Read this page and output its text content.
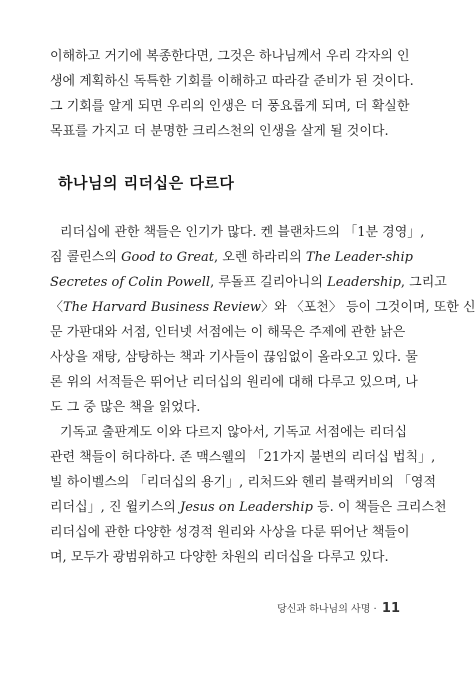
이해하고 거기에 복종한다면, 그것은 하나님께서 우리 각자의 인
생에 계획하신 독특한 기회를 이해하고 따라갈 준비가 된 것이다.
그 기회를 알게 되면 우리의 인생은 더 풍요롭게 되며, 더 확실한
목표를 가지고 더 분명한 크리스천의 인생을 살게 될 것이다.
하나님의 리더십은 다르다
리더십에 관한 책들은 인기가 많다. 켄 블랜차드의 「1분 경영」,
짐 콜린스의 Good to Great, 오렌 하라리의 The Leader-ship
Secretes of Colin Powell, 루돌프 길리아니의 Leadership, 그리고
〈The Harvard Business Review〉와 〈포천〉 등이 그것이며, 또한 신
문 가판대와 서점, 인터넷 서점에는 이 해묵은 주제에 관한 낡은
사상을 재탕, 삼탕하는 책과 기사들이 끊임없이 올라오고 있다. 물
론 위의 서적들은 뛰어난 리더십의 원리에 대해 다루고 있으며, 나
도 그 중 많은 책을 읽었다.
기독교 출판계도 이와 다르지 않아서, 기독교 서점에는 리더십
관련 책들이 허다하다. 존 맥스웰의 「21가지 불변의 리더십 법칙」,
빌 하이벨스의 「리더십의 용기」, 리처드와 헨리 블랙커비의 「영적
리더십」, 진 윌키스의 Jesus on Leadership 등. 이 책들은 크리스천
리더십에 관한 다양한 성경적 원리와 사상을 다룬 뛰어난 책들이
며, 모두가 광범위하고 다양한 차원의 리더십을 다루고 있다.
당신과 하나님의 사명 · 11
